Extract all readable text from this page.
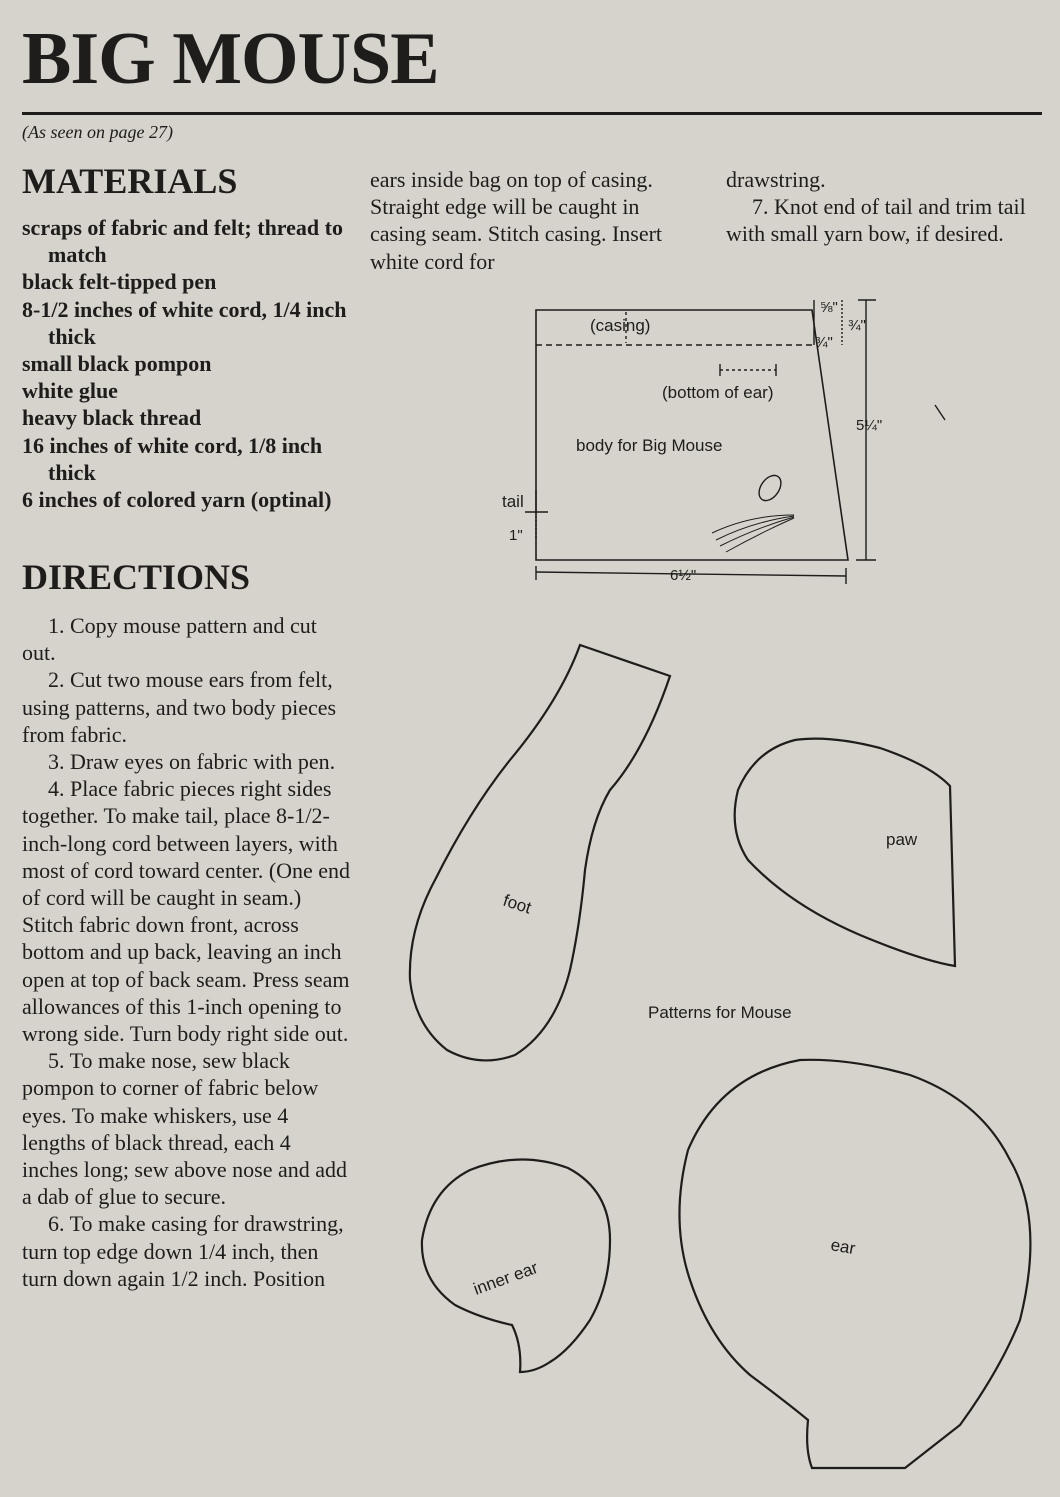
BIG MOUSE
(As seen on page 27)
MATERIALS
scraps of fabric and felt; thread to match
black felt-tipped pen
8-1/2 inches of white cord, 1/4 inch thick
small black pompon
white glue
heavy black thread
16 inches of white cord, 1/8 inch thick
6 inches of colored yarn (optinal)
DIRECTIONS

1. Copy mouse pattern and cut out.

2. Cut two mouse ears from felt, using patterns, and two body pieces from fabric.

3. Draw eyes on fabric with pen.

4. Place fabric pieces right sides together. To make tail, place 8-1/2-inch-long cord between layers, with most of cord toward center. (One end of cord will be caught in seam.) Stitch fabric down front, across bottom and up back, leaving an inch open at top of back seam. Press seam allowances of this 1-inch opening to wrong side. Turn body right side out.

5. To make nose, sew black pompon to corner of fabric below eyes. To make whiskers, use 4 lengths of black thread, each 4 inches long; sew above nose and add a dab of glue to secure.

6. To make casing for drawstring, turn top edge down 1/4 inch, then turn down again 1/2 inch. Position

ears inside bag on top of casing. Straight edge will be caught in casing seam. Stitch casing. Insert white cord for

drawstring.

7. Knot end of tail and trim tail with small yarn bow, if desired.

(casing)
(bottom of ear)
body for Big Mouse
tail
1"
6½"
5¼"
⅝"
¾"
¾"
Patterns for Mouse
foot
paw
inner ear
ear
